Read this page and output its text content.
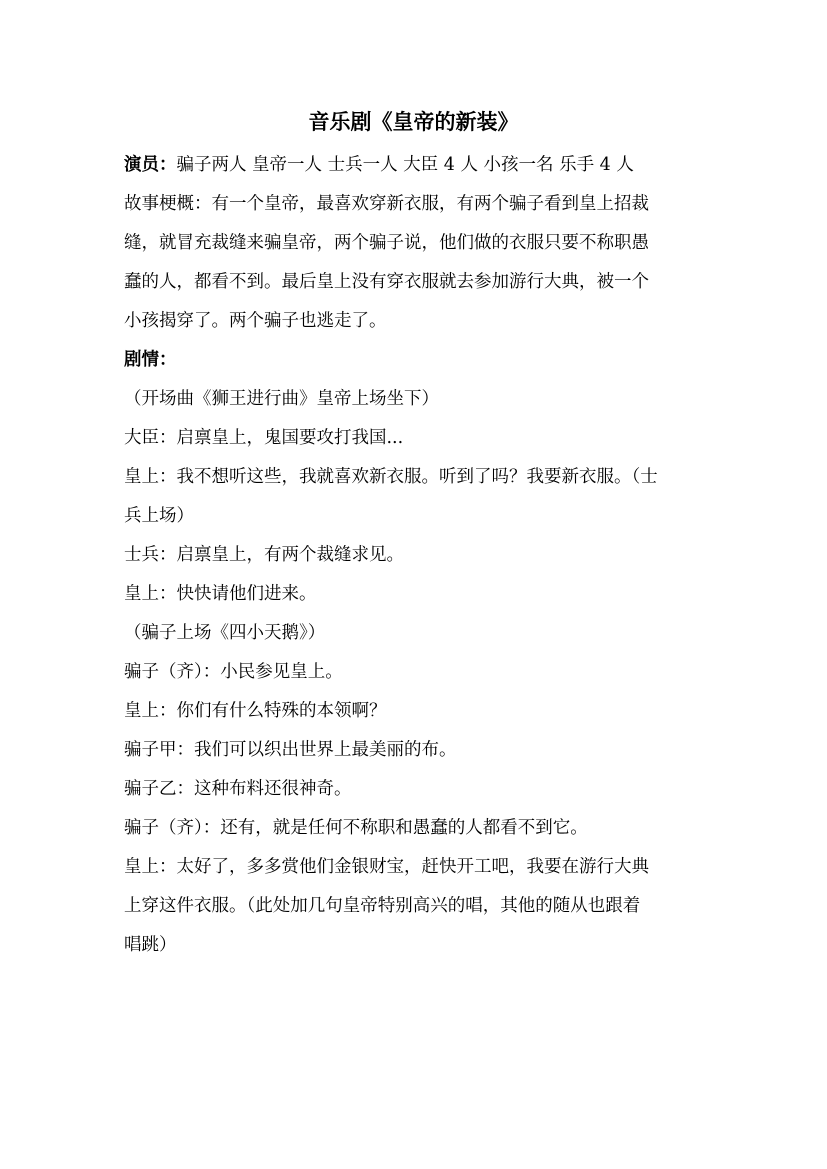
音乐剧《皇帝的新装》
演员：骗子两人 皇帝一人 士兵一人 大臣 4 人 小孩一名 乐手 4 人
故事梗概：有一个皇帝，最喜欢穿新衣服，有两个骗子看到皇上招裁
缝，就冒充裁缝来骗皇帝，两个骗子说，他们做的衣服只要不称职愚
蠢的人，都看不到。最后皇上没有穿衣服就去参加游行大典，被一个
小孩揭穿了。两个骗子也逃走了。
剧情：
（开场曲《狮王进行曲》皇帝上场坐下）
大臣：启禀皇上，鬼国要攻打我国...
皇上：我不想听这些，我就喜欢新衣服。听到了吗？我要新衣服。（士
兵上场）
士兵：启禀皇上，有两个裁缝求见。
皇上：快快请他们进来。
（骗子上场《四小天鹅》）
骗子（齐）：小民参见皇上。
皇上：你们有什么特殊的本领啊？
骗子甲：我们可以织出世界上最美丽的布。
骗子乙：这种布料还很神奇。
骗子（齐）：还有，就是任何不称职和愚蠢的人都看不到它。
皇上：太好了，多多赏他们金银财宝，赶快开工吧，我要在游行大典
上穿这件衣服。（此处加几句皇帝特别高兴的唱，其他的随从也跟着
唱跳）
